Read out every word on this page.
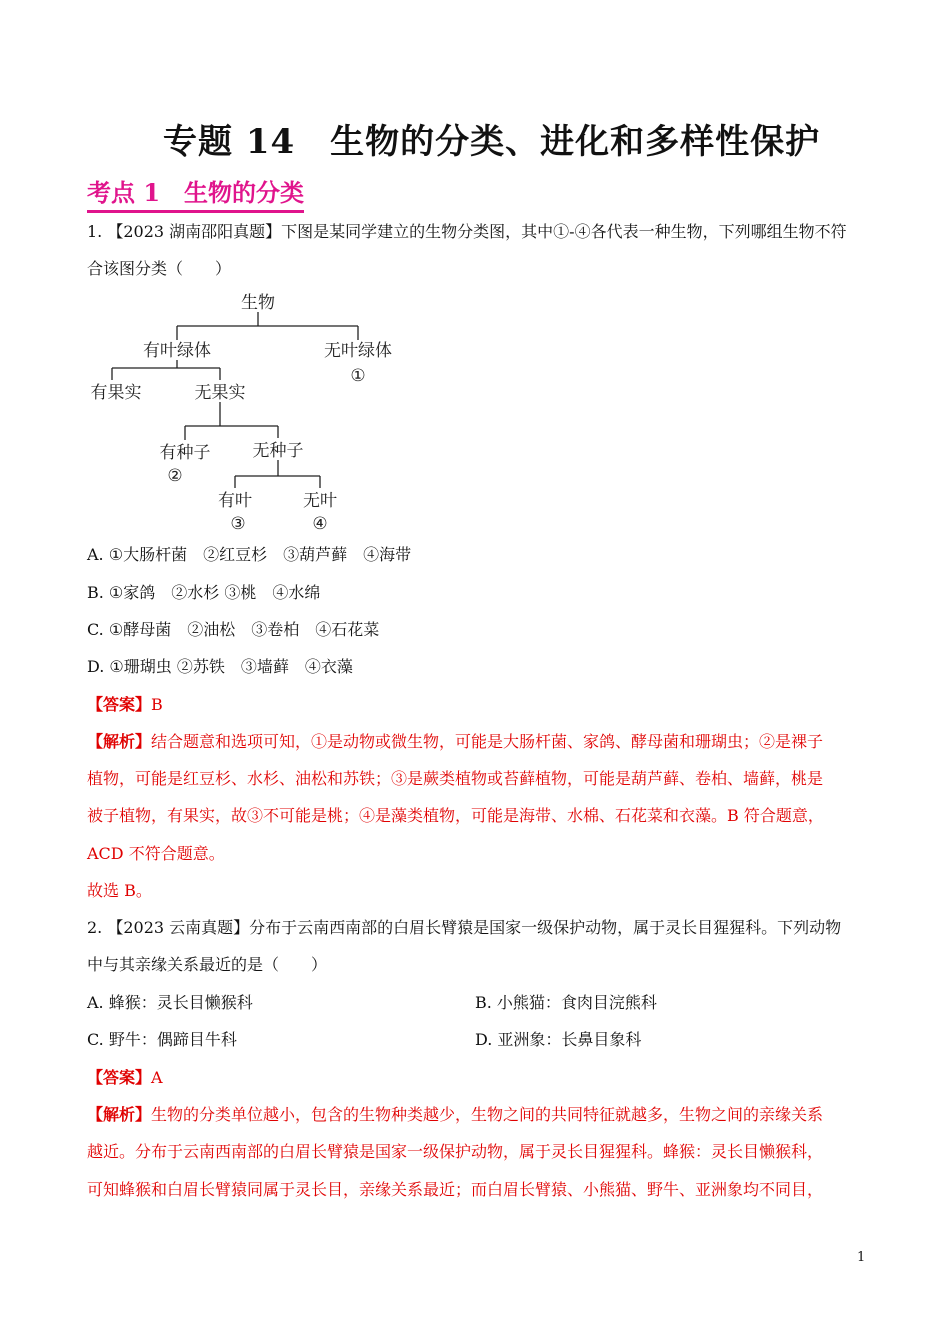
专题 14　生物的分类、进化和多样性保护
考点 1　生物的分类
1. 【2023 湖南邵阳真题】下图是某同学建立的生物分类图，其中①-④各代表一种生物，下列哪组生物不符
合该图分类（　　）
生物
有叶绿体	无叶绿体
①
有果实	无果实
有种子
②
无种子
有叶
③
无叶
④
A. ①大肠杆菌　②红豆杉　③葫芦藓　④海带
B. ①家鸽　②水杉 ③桃　④水绵
C. ①酵母菌　②油松　③卷柏　④石花菜
D. ①珊瑚虫 ②苏铁　③墙藓　④衣藻
【答案】B
【解析】结合题意和选项可知，①是动物或微生物，可能是大肠杆菌、家鸽、酵母菌和珊瑚虫；②是裸子
植物，可能是红豆杉、水杉、油松和苏铁；③是蕨类植物或苔藓植物，可能是葫芦藓、卷柏、墙藓，桃是
被子植物，有果实，故③不可能是桃；④是藻类植物，可能是海带、水棉、石花菜和衣藻。B 符合题意，
ACD 不符合题意。
故选 B。
2. 【2023 云南真题】分布于云南西南部的白眉长臂猿是国家一级保护动物，属于灵长目猩猩科。下列动物
中与其亲缘关系最近的是（　　）
A. 蜂猴：灵长目懒猴科	B. 小熊猫：食肉目浣熊科
C. 野牛：偶蹄目牛科	D. 亚洲象：长鼻目象科
【答案】A
【解析】生物的分类单位越小，包含的生物种类越少，生物之间的共同特征就越多，生物之间的亲缘关系
越近。分布于云南西南部的白眉长臂猿是国家一级保护动物，属于灵长目猩猩科。蜂猴：灵长目懒猴科，
可知蜂猴和白眉长臂猿同属于灵长目，亲缘关系最近；而白眉长臂猿、小熊猫、野牛、亚洲象均不同目，
1
